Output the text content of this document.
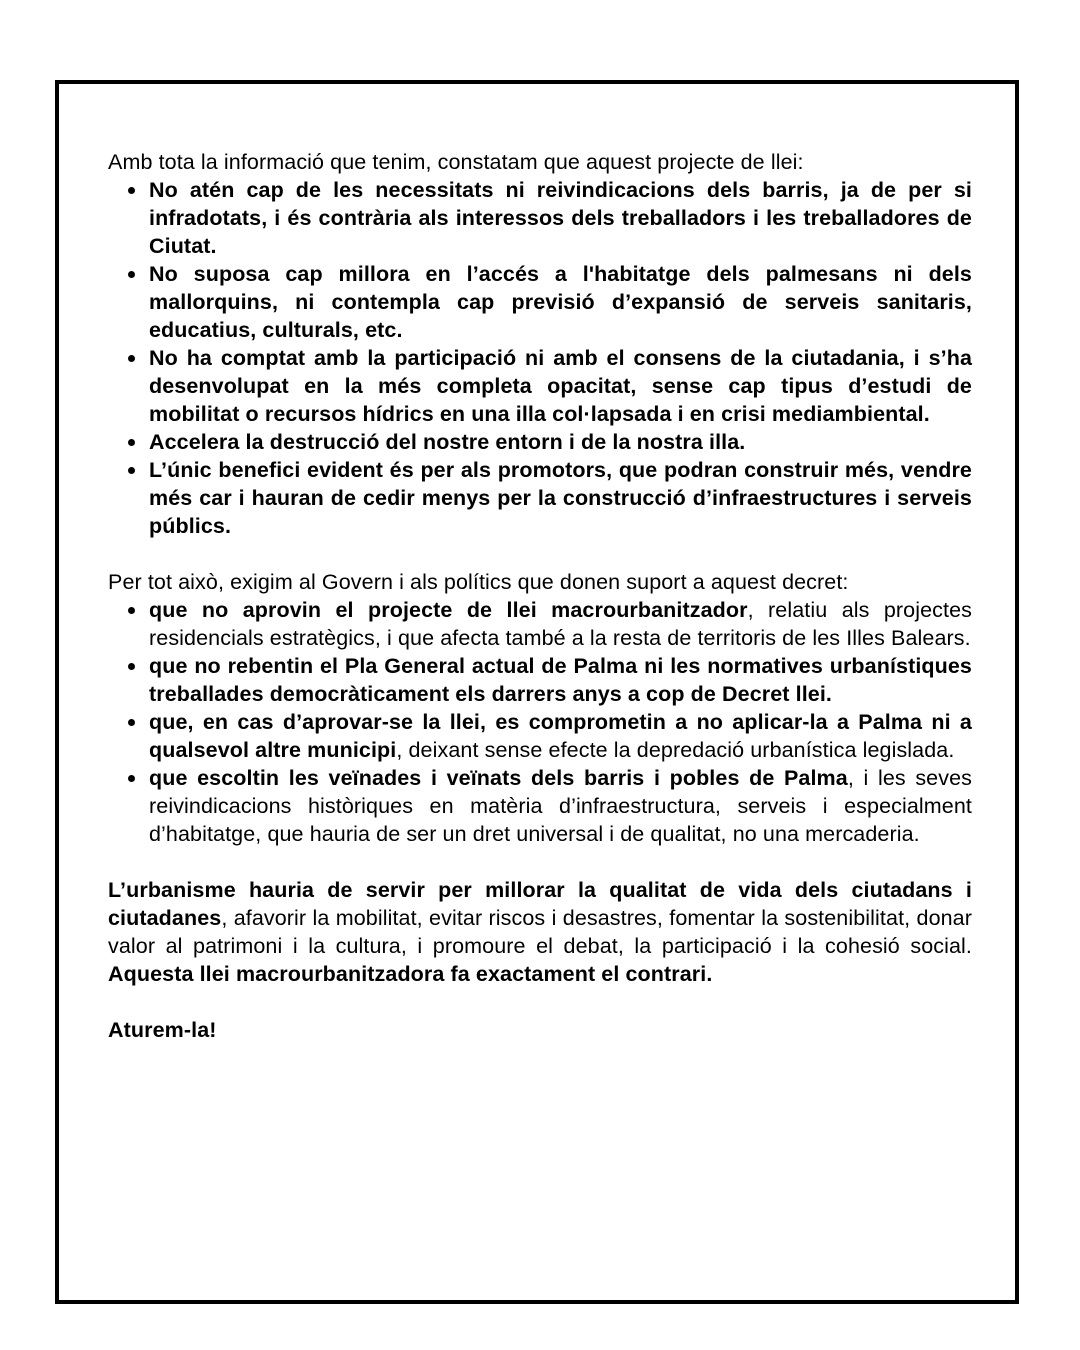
Amb tota la informació que tenim, constatam que aquest projecte de llei:

No atén cap de les necessitats ni reivindicacions dels barris, ja de per si infradotats, i és contrària als interessos dels treballadors i les treballadores de Ciutat.
No suposa cap millora en l’accés a l'habitatge dels palmesans ni dels mallorquins, ni contempla cap previsió d’expansió de serveis sanitaris, educatius, culturals, etc.
No ha comptat amb la participació ni amb el consens de la ciutadania, i s’ha desenvolupat en la més completa opacitat, sense cap tipus d’estudi de mobilitat o recursos hídrics en una illa col·lapsada i en crisi mediambiental.
Accelera la destrucció del nostre entorn i de la nostra illa.
L’únic benefici evident és per als promotors, que podran construir més, vendre més car i hauran de cedir menys per la construcció d’infraestructures i serveis públics.

Per tot això, exigim al Govern i als polítics que donen suport a aquest decret:

que no aprovin el projecte de llei macrourbanitzador, relatiu als projectes residencials estratègics, i que afecta també a la resta de territoris de les Illes Balears.
que no rebentin el Pla General actual de Palma ni les normatives urbanístiques treballades democràticament els darrers anys a cop de Decret llei.
que, en cas d’aprovar-se la llei, es comprometin a no aplicar-la a Palma ni a qualsevol altre municipi, deixant sense efecte la depredació urbanística legislada.
que escoltin les veïnades i veïnats dels barris i pobles de Palma, i les seves reivindicacions històriques en matèria d’infraestructura, serveis i especialment d’habitatge, que hauria de ser un dret universal i de qualitat, no una mercaderia.

L’urbanisme hauria de servir per millorar la qualitat de vida dels ciutadans i ciutadanes, afavorir la mobilitat, evitar riscos i desastres, fomentar la sostenibilitat, donar valor al patrimoni i la cultura, i promoure el debat, la participació i la cohesió social. Aquesta llei macrourbanitzadora fa exactament el contrari.

Aturem-la!
